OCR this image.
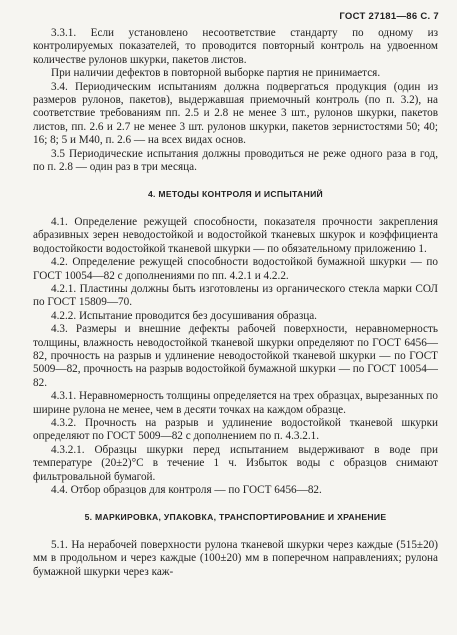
ГОСТ 27181—86 С. 7

3.3.1. Если установлено несоответствие стандарту по одному из контролируемых показателей, то проводится повторный контроль на удвоенном количестве рулонов шкурки, пакетов листов.

При наличии дефектов в повторной выборке партия не принимается.

3.4. Периодическим испытаниям должна подвергаться продукция (один из размеров рулонов, пакетов), выдержавшая приемочный контроль (по п. 3.2), на соответствие требованиям пп. 2.5 и 2.8 не менее 3 шт., рулонов шкурки, пакетов листов, пп. 2.6 и 2.7 не менее 3 шт. рулонов шкурки, пакетов зернистостями 50; 40; 16; 8; 5 и М40, п. 2.6 — на всех видах основ.

3.5 Периодические испытания должны проводиться не реже одного раза в год, по п. 2.8 — один раз в три месяца.

4. МЕТОДЫ КОНТРОЛЯ И ИСПЫТАНИЙ

4.1. Определение режущей способности, показателя прочности закрепления абразивных зерен неводостойкой и водостойкой тканевых шкурок и коэффициента водостойкости водостойкой тканевой шкурки — по обязательному приложению 1.

4.2. Определение режущей способности водостойкой бумажной шкурки — по ГОСТ 10054—82 с дополнениями по пп. 4.2.1 и 4.2.2.

4.2.1. Пластины должны быть изготовлены из органического стекла марки СОЛ по ГОСТ 15809—70.

4.2.2. Испытание проводится без досушивания образца.

4.3. Размеры и внешние дефекты рабочей поверхности, неравномерность толщины, влажность неводостойкой тканевой шкурки определяют по ГОСТ 6456—82, прочность на разрыв и удлинение неводостойкой тканевой шкурки — по ГОСТ 5009—82, прочность на разрыв водостойкой бумажной шкурки — по ГОСТ 10054—82.

4.3.1. Неравномерность толщины определяется на трех образцах, вырезанных по ширине рулона не менее, чем в десяти точках на каждом образце.

4.3.2. Прочность на разрыв и удлинение водостойкой тканевой шкурки определяют по ГОСТ 5009—82 с дополнением по п. 4.3.2.1.

4.3.2.1. Образцы шкурки перед испытанием выдерживают в воде при температуре (20±2)°С в течение 1 ч. Избыток воды с образцов снимают фильтровальной бумагой.

4.4. Отбор образцов для контроля — по ГОСТ 6456—82.

5. МАРКИРОВКА, УПАКОВКА, ТРАНСПОРТИРОВАНИЕ И ХРАНЕНИЕ

5.1. На нерабочей поверхности рулона тканевой шкурки через каждые (515±20) мм в продольном и через каждые (100±20) мм в поперечном направлениях; рулона бумажной шкурки через каж-
